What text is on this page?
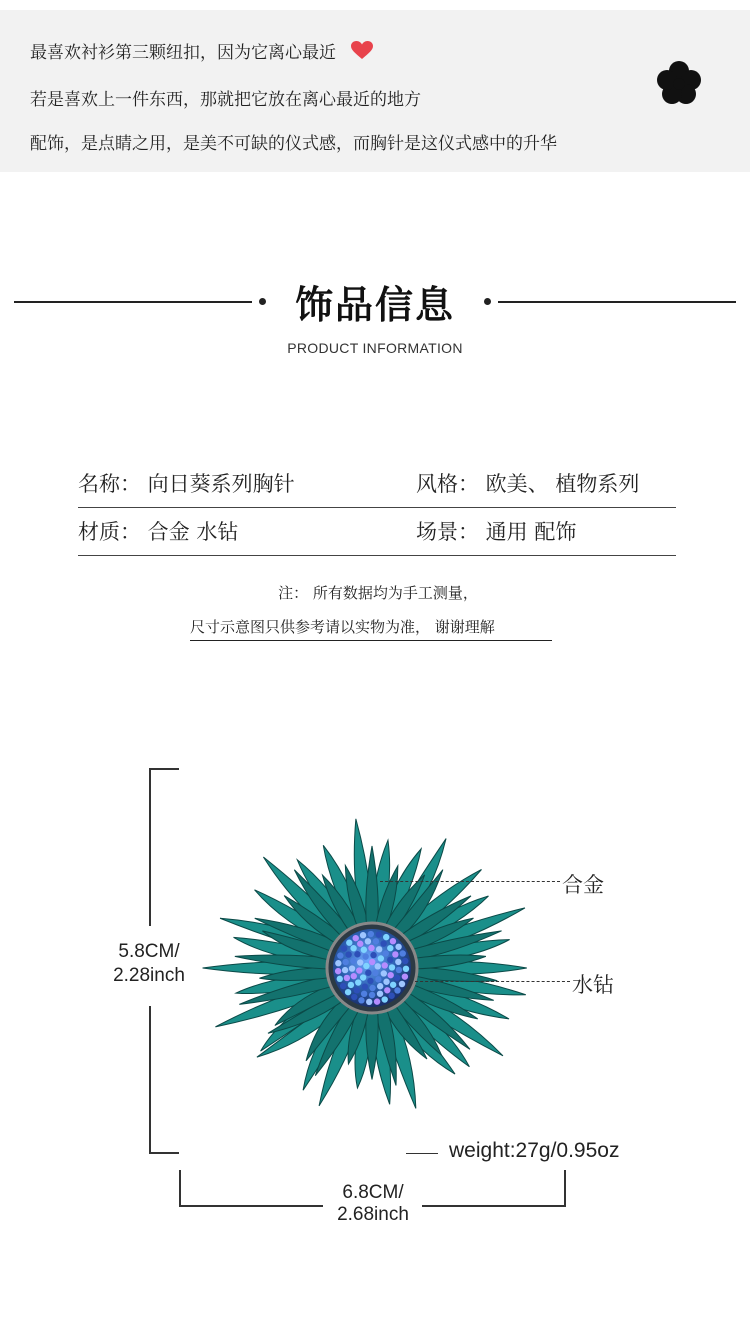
最喜欢衬衫第三颗纽扣，因为它离心最近
若是喜欢上一件东西，那就把它放在离心最近的地方
配饰，是点睛之用，是美不可缺的仪式感，而胸针是这仪式感中的升华
饰品信息
PRODUCT INFORMATION
名称： 向日葵系列胸针	风格： 欧美、 植物系列
材质： 合金 水钻	场景： 通用 配饰
注： 所有数据均为手工测量，
尺寸示意图只供参考请以实物为准， 谢谢理解
5.8CM/
2.28inch
合金
水钻
weight:27g/0.95oz
6.8CM/
2.68inch
